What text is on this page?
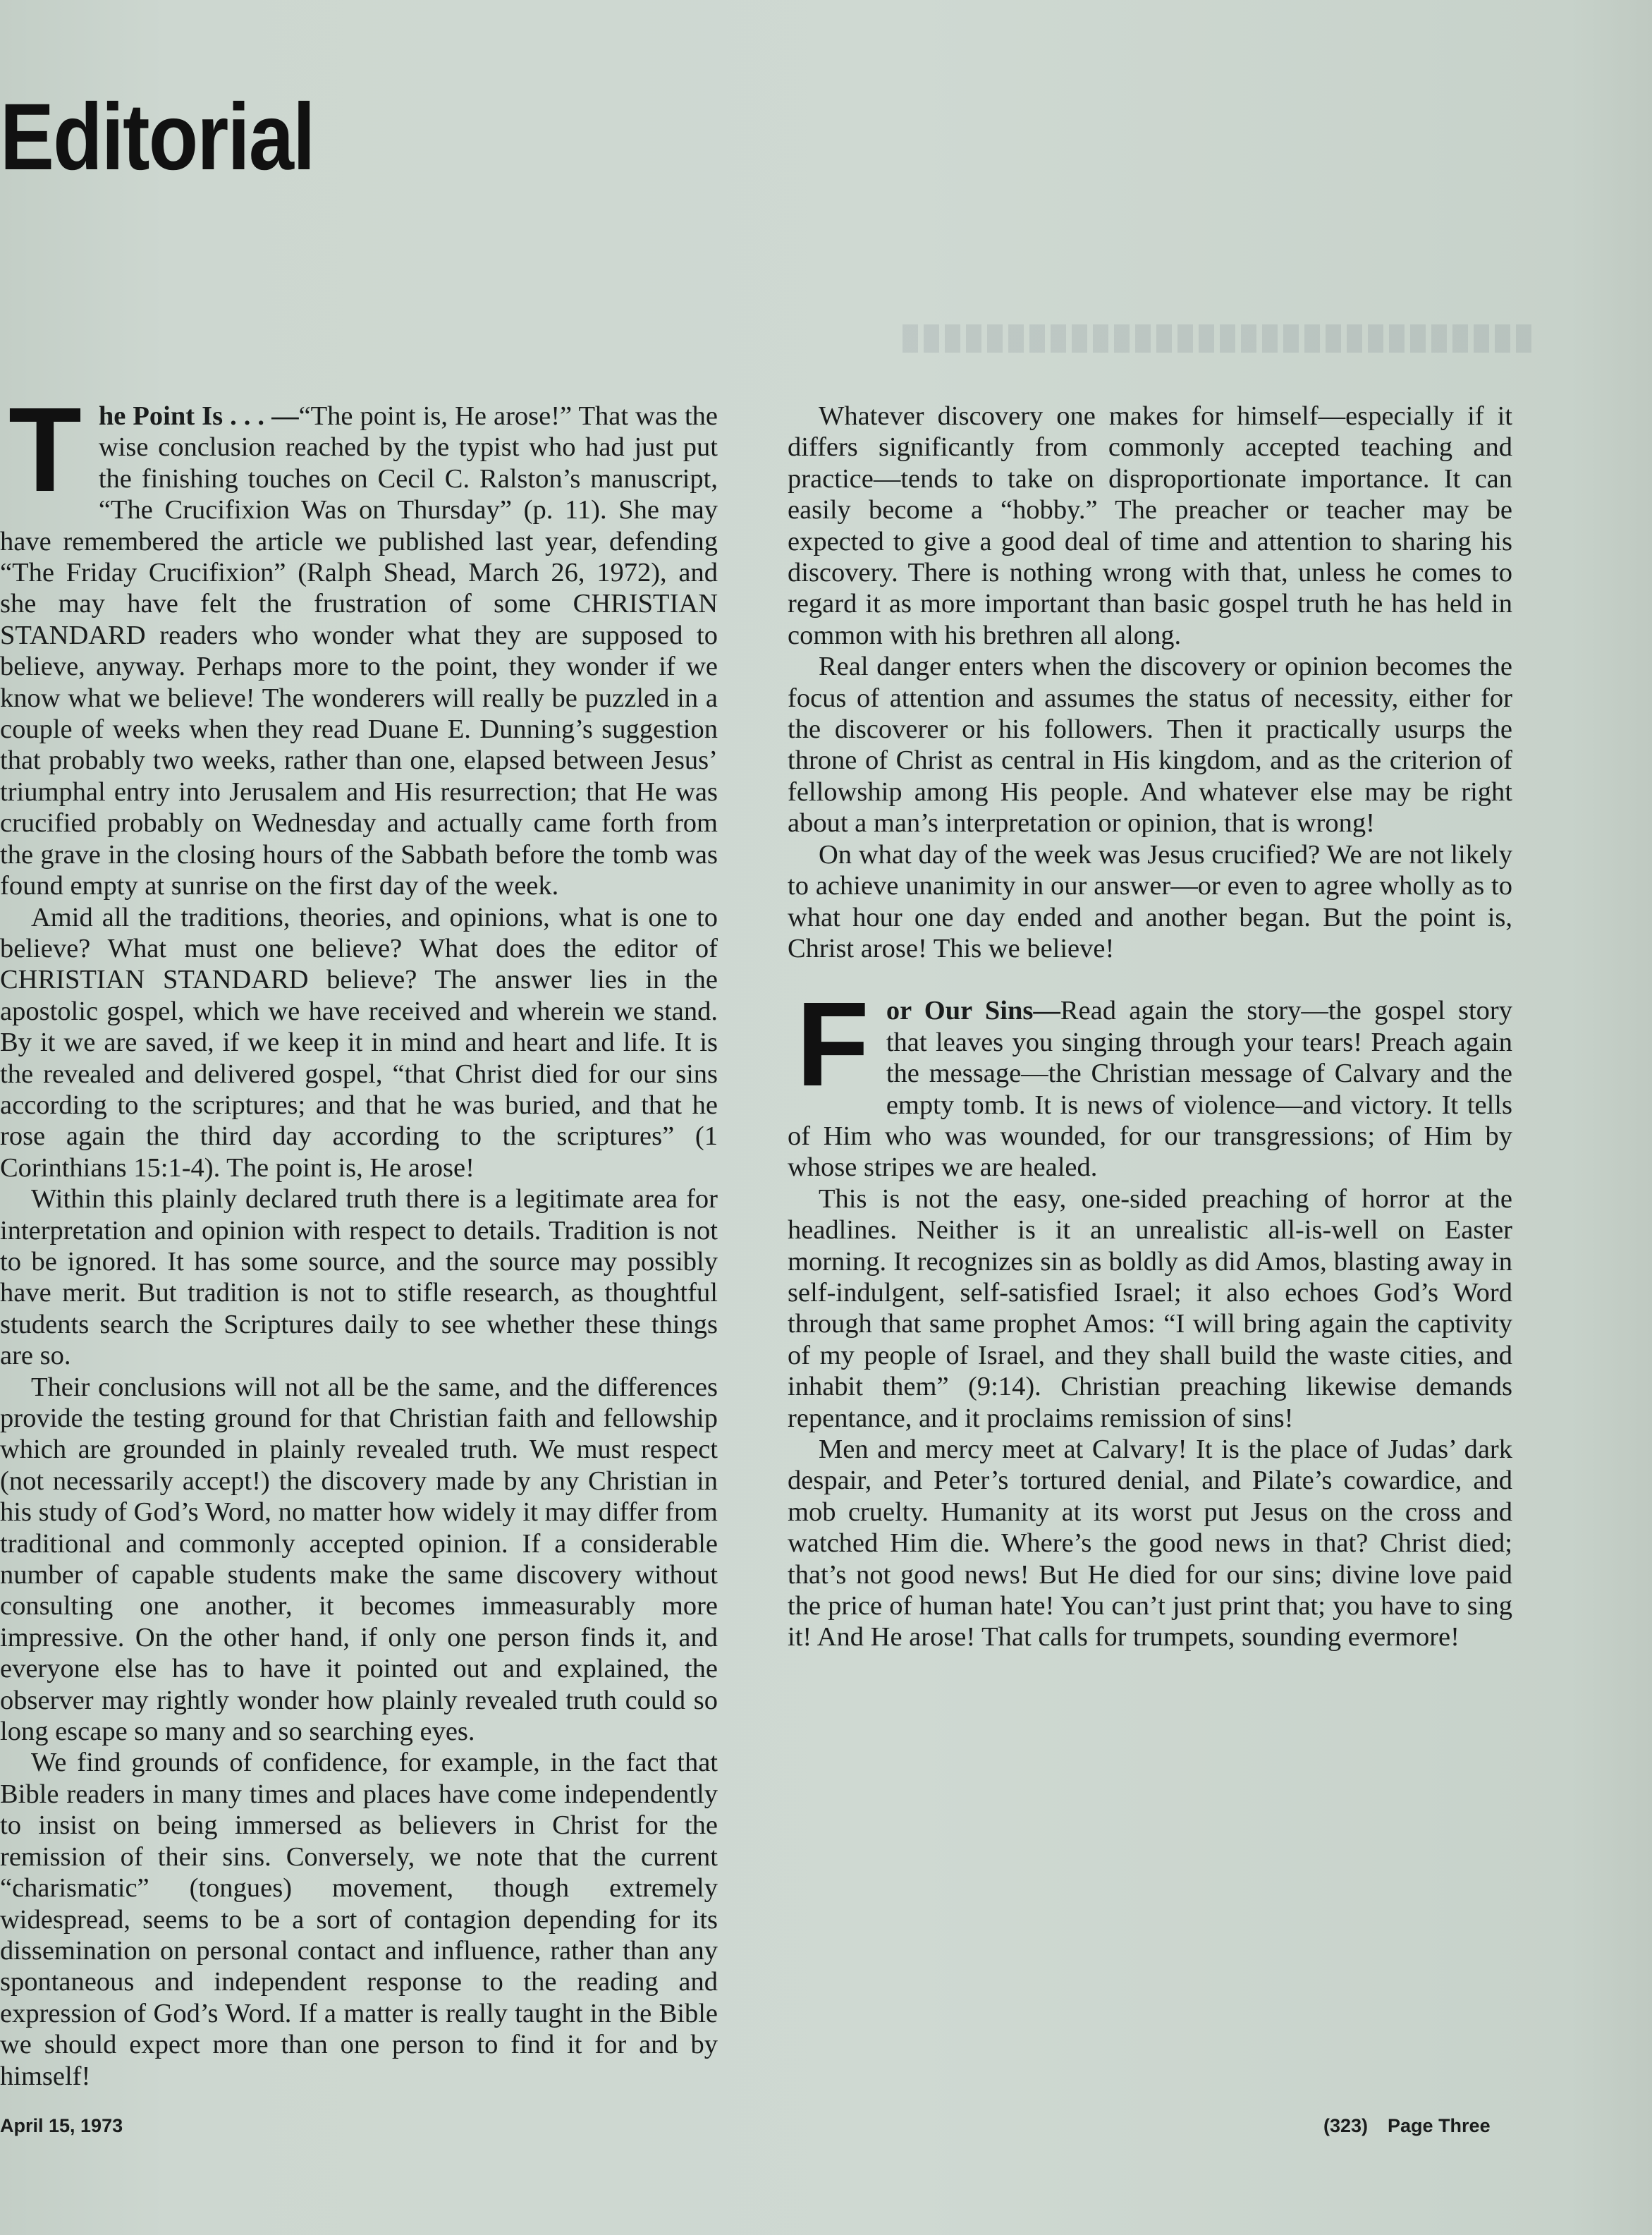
Editorial

The Point Is . . . —“The point is, He arose!” That was the wise conclusion reached by the typist who had just put the finishing touches on Cecil C. Ralston’s manuscript, “The Crucifixion Was on Thursday” (p. 11). She may have remembered the article we published last year, defending “The Friday Crucifixion” (Ralph Shead, March 26, 1972), and she may have felt the frustration of some CHRISTIAN STANDARD readers who wonder what they are supposed to believe, anyway. Perhaps more to the point, they wonder if we know what we believe! The wonderers will really be puzzled in a couple of weeks when they read Duane E. Dunning’s suggestion that probably two weeks, rather than one, elapsed between Jesus’ triumphal entry into Jerusalem and His resurrection; that He was crucified probably on Wednesday and actually came forth from the grave in the closing hours of the Sabbath before the tomb was found empty at sunrise on the first day of the week.

Amid all the traditions, theories, and opinions, what is one to believe? What must one believe? What does the editor of CHRISTIAN STANDARD believe? The answer lies in the apostolic gospel, which we have received and wherein we stand. By it we are saved, if we keep it in mind and heart and life. It is the revealed and delivered gospel, “that Christ died for our sins according to the scriptures; and that he was buried, and that he rose again the third day according to the scriptures” (1 Corinthians 15:1-4). The point is, He arose!

Within this plainly declared truth there is a legitimate area for interpretation and opinion with respect to details. Tradition is not to be ignored. It has some source, and the source may possibly have merit. But tradition is not to stifle research, as thoughtful students search the Scriptures daily to see whether these things are so.

Their conclusions will not all be the same, and the differences provide the testing ground for that Christian faith and fellowship which are grounded in plainly revealed truth. We must respect (not necessarily accept!) the discovery made by any Christian in his study of God’s Word, no matter how widely it may differ from traditional and commonly accepted opinion. If a considerable number of capable students make the same discovery without consulting one another, it becomes immeasurably more impressive. On the other hand, if only one person finds it, and everyone else has to have it pointed out and explained, the observer may rightly wonder how plainly revealed truth could so long escape so many and so searching eyes.

We find grounds of confidence, for example, in the fact that Bible readers in many times and places have come independently to insist on being immersed as believers in Christ for the remission of their sins. Conversely, we note that the current “charismatic” (tongues) movement, though extremely widespread, seems to be a sort of contagion depending for its dissemination on personal contact and influence, rather than any spontaneous and independent response to the reading and expression of God’s Word. If a matter is really taught in the Bible we should expect more than one person to find it for and by himself!

Whatever discovery one makes for himself—especially if it differs significantly from commonly accepted teaching and practice—tends to take on disproportionate importance. It can easily become a “hobby.” The preacher or teacher may be expected to give a good deal of time and attention to sharing his discovery. There is nothing wrong with that, unless he comes to regard it as more important than basic gospel truth he has held in common with his brethren all along.

Real danger enters when the discovery or opinion becomes the focus of attention and assumes the status of necessity, either for the discoverer or his followers. Then it practically usurps the throne of Christ as central in His kingdom, and as the criterion of fellowship among His people. And whatever else may be right about a man’s interpretation or opinion, that is wrong!

On what day of the week was Jesus crucified? We are not likely to achieve unanimity in our answer—or even to agree wholly as to what hour one day ended and another began. But the point is, Christ arose! This we believe!

For Our Sins—Read again the story—the gospel story that leaves you singing through your tears! Preach again the message—the Christian message of Calvary and the empty tomb. It is news of violence—and victory. It tells of Him who was wounded, for our transgressions; of Him by whose stripes we are healed.

This is not the easy, one-sided preaching of horror at the headlines. Neither is it an unrealistic all-is-well on Easter morning. It recognizes sin as boldly as did Amos, blasting away in self-indulgent, self-satisfied Israel; it also echoes God’s Word through that same prophet Amos: “I will bring again the captivity of my people of Israel, and they shall build the waste cities, and inhabit them” (9:14). Christian preaching likewise demands repentance, and it proclaims remission of sins!

Men and mercy meet at Calvary! It is the place of Judas’ dark despair, and Peter’s tortured denial, and Pilate’s cowardice, and mob cruelty. Humanity at its worst put Jesus on the cross and watched Him die. Where’s the good news in that? Christ died; that’s not good news! But He died for our sins; divine love paid the price of human hate! You can’t just print that; you have to sing it! And He arose! That calls for trumpets, sounding evermore!

April 15, 1973	(323) Page Three
